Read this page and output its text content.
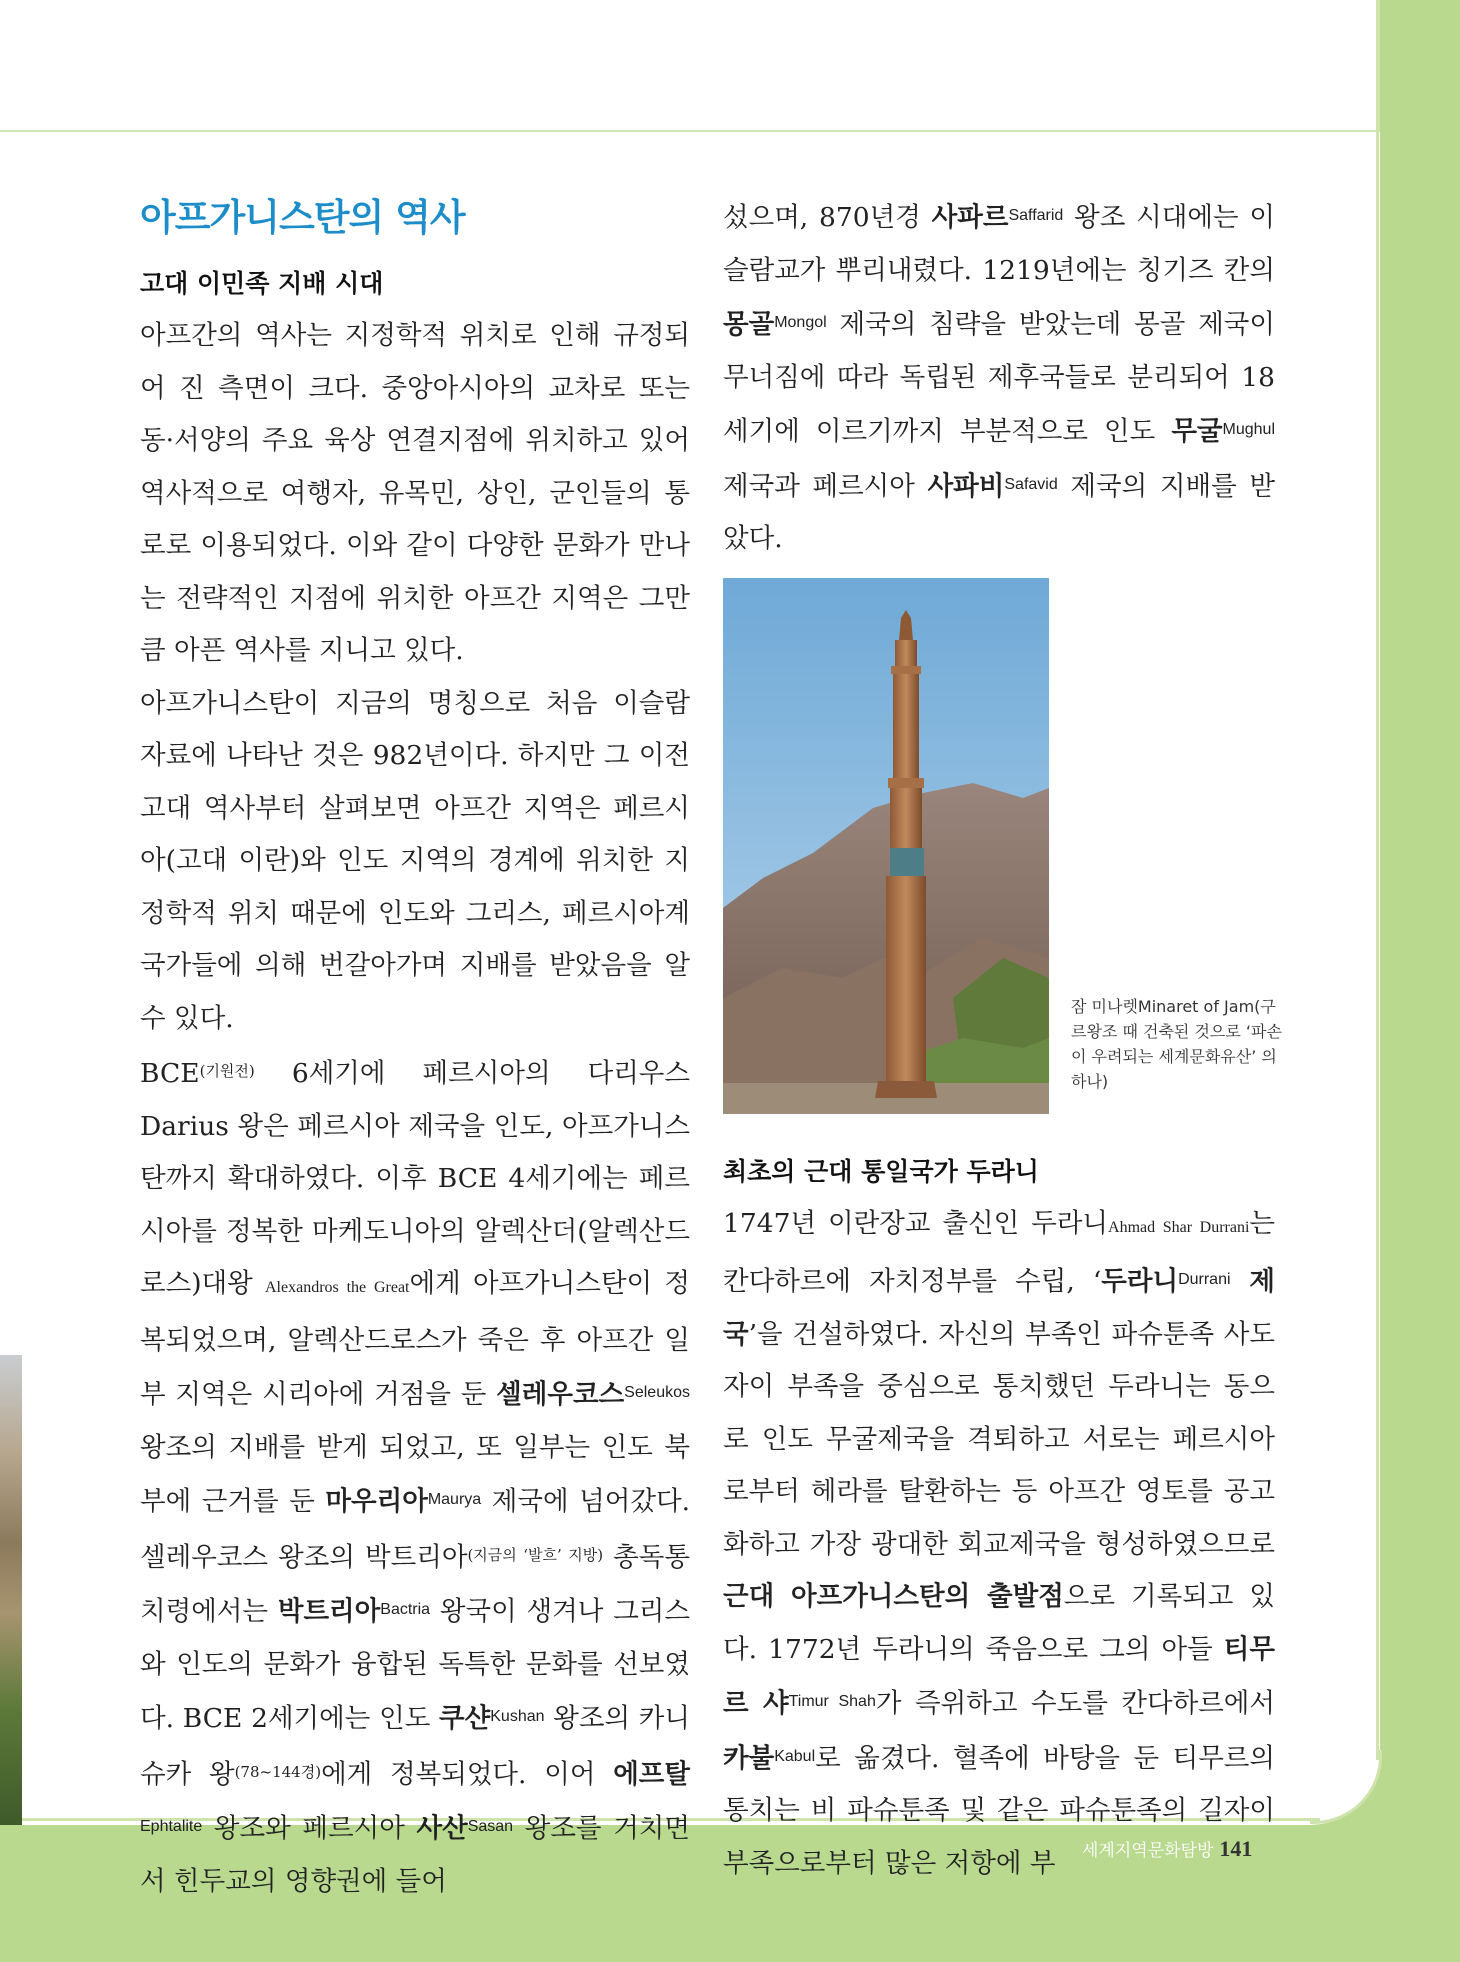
아프가니스탄의 역사
고대 이민족 지배 시대

아프간의 역사는 지정학적 위치로 인해 규정되어 진 측면이 크다. 중앙아시아의 교차로 또는 동·서양의 주요 육상 연결지점에 위치하고 있어 역사적으로 여행자, 유목민, 상인, 군인들의 통로로 이용되었다. 이와 같이 다양한 문화가 만나는 전략적인 지점에 위치한 아프간 지역은 그만큼 아픈 역사를 지니고 있다.

아프가니스탄이 지금의 명칭으로 처음 이슬람 자료에 나타난 것은 982년이다. 하지만 그 이전 고대 역사부터 살펴보면 아프간 지역은 페르시아(고대 이란)와 인도 지역의 경계에 위치한 지정학적 위치 때문에 인도와 그리스, 페르시아계 국가들에 의해 번갈아가며 지배를 받았음을 알 수 있다.

$BCE^{(기원전)}$ 6세기에 페르시아의 다리우스Darius 왕은 페르시아 제국을 인도, 아프가니스탄까지 확대하였다. 이후 BCE 4세기에는 페르시아를 정복한 마케도니아의 알렉산더(알렉산드로스)대왕 Alexandros the Great에게 아프가니스탄이 정복되었으며, 알렉산드로스가 죽은 후 아프간 일부 지역은 시리아에 거점을 둔 셀레우코스$^{Seleukos}$ 왕조의 지배를 받게 되었고, 또 일부는 인도 북부에 근거를 둔 마우리아$^{Maurya}$ 제국에 넘어갔다. 셀레우코스 왕조의 박트리아$^{(지금의 ‘발흐’ 지방)}$ 총독통치령에서는 박트리아$^{Bactria}$ 왕국이 생겨나 그리스와 인도의 문화가 융합된 독특한 문화를 선보였다. BCE 2세기에는 인도 쿠샨$^{Kushan}$ 왕조의 카니슈카 왕$^{(78\sim 144경)}$에게 정복되었다. 이어 에프탈$^{Ephtalite}$ 왕조와 페르시아 사산$^{Sasan}$ 왕조를 거치면서 힌두교의 영향권에 들어

섰으며, 870년경 사파르$^{Saffarid}$ 왕조 시대에는 이슬람교가 뿌리내렸다. 1219년에는 칭기즈 칸의 몽골$^{Mongol}$ 제국의 침략을 받았는데 몽골 제국이 무너짐에 따라 독립된 제후국들로 분리되어 18세기에 이르기까지 부분적으로 인도 무굴$^{Mughul}$ 제국과 페르시아 사파비$^{Safavid}$ 제국의 지배를 받았다.

잠 미나렛Minaret of Jam(구르왕조 때 건축된 것으로 ‘파손이 우려되는 세계문화유산’ 의 하나)
최초의 근대 통일국가 두라니

1747년 이란장교 출신인 두라니Ahmad Shar Durrani는 칸다하르에 자치정부를 수립, ‘두라니$^{Durrani}$ 제국’을 건설하였다. 자신의 부족인 파슈툰족 사도자이 부족을 중심으로 통치했던 두라니는 동으로 인도 무굴제국을 격퇴하고 서로는 페르시아로부터 헤라를 탈환하는 등 아프간 영토를 공고화하고 가장 광대한 회교제국을 형성하였으므로 근대 아프가니스탄의 출발점으로 기록되고 있다. 1772년 두라니의 죽음으로 그의 아들 티무르 샤$^{Timur Shah}$가 즉위하고 수도를 칸다하르에서 카불$^{Kabul}$로 옮겼다. 혈족에 바탕을 둔 티무르의 통치는 비 파슈툰족 및 같은 파슈툰족의 길자이 부족으로부터 많은 저항에 부	세계지역문화탐방 141
